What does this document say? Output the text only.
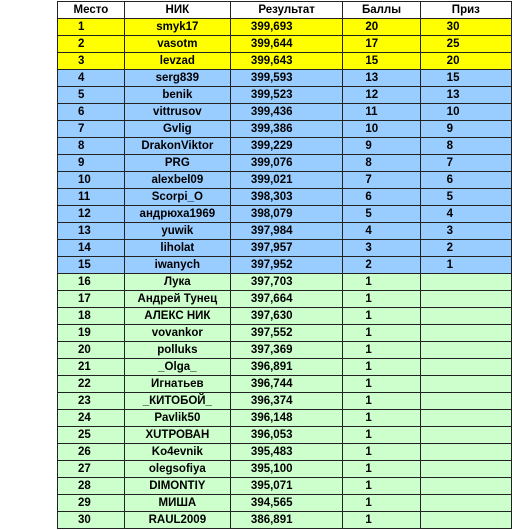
Место	НИК	Результат	Баллы	Приз
1	smyk17	399,693	20	30
2	vasotm	399,644	17	25
3	levzad	399,643	15	20
4	serg839	399,593	13	15
5	benik	399,523	12	13
6	vittrusov	399,436	11	10
7	Gvlig	399,386	10	9
8	DrakonViktor	399,229	9	8
9	PRG	399,076	8	7
10	alexbel09	399,021	7	6
11	Scorpi_O	398,303	6	5
12	андрюха1969	398,079	5	4
13	yuwik	397,984	4	3
14	liholat	397,957	3	2
15	iwanych	397,952	2	1
16	Лука	397,703	1	
17	Андрей Тунец	397,664	1	
18	АЛЕКС НИК	397,630	1	
19	vovankor	397,552	1	
20	polluks	397,369	1	
21	_Olga_	396,891	1	
22	Игнатьев	396,744	1	
23	_КИТОБОЙ_	396,374	1	
24	Pavlik50	396,148	1	
25	ХUТРОВАН	396,053	1	
26	Ko4evnik	395,483	1	
27	olegsofiya	395,100	1	
28	DIMONTIY	395,071	1	
29	МИША	394,565	1	
30	RAUL2009	386,891	1	
